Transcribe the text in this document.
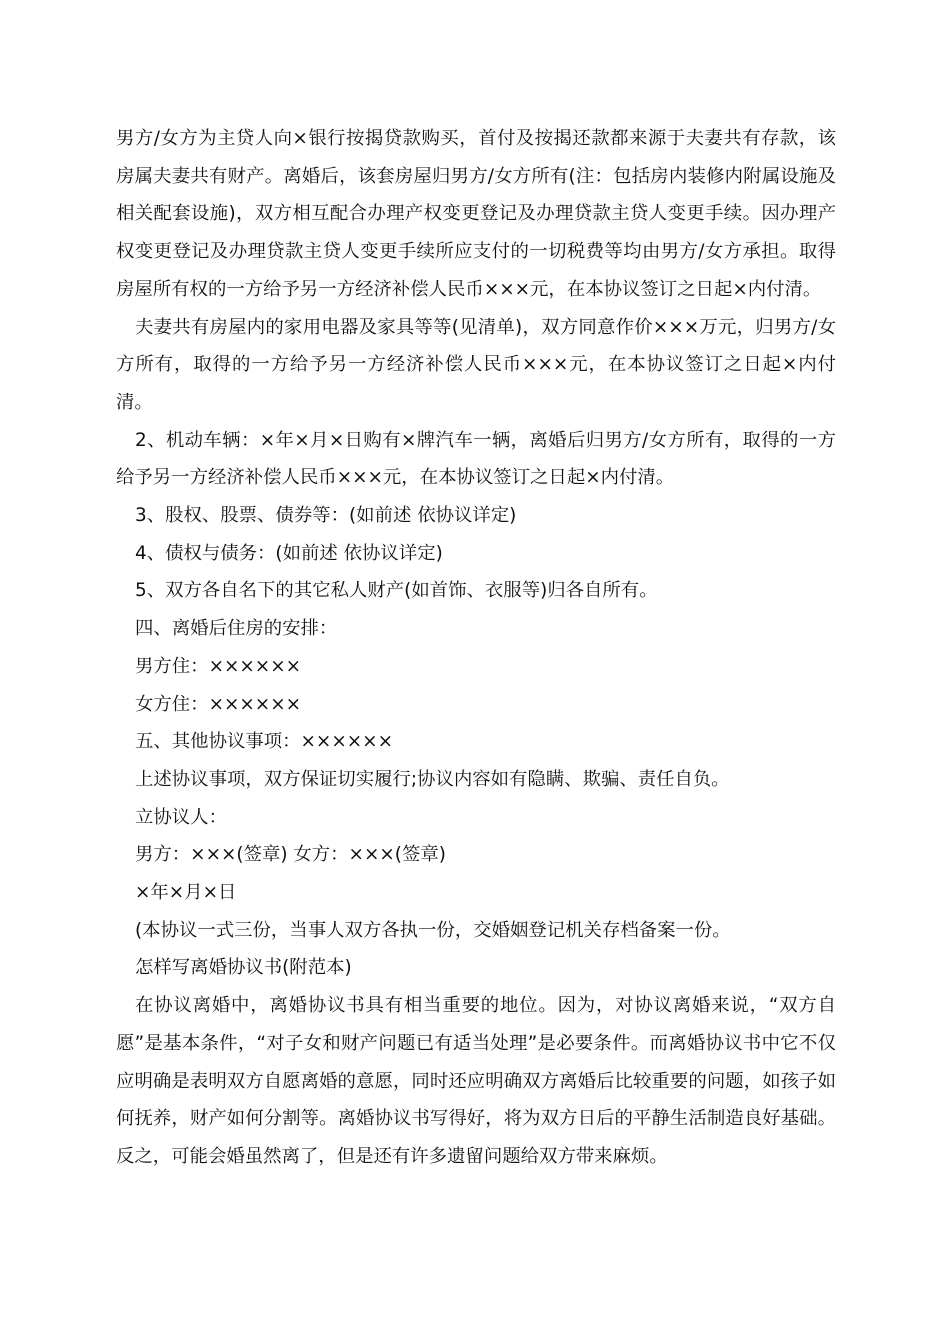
男方/女方为主贷人向×银行按揭贷款购买，首付及按揭还款都来源于夫妻共有存款，该房属夫妻共有财产。离婚后，该套房屋归男方/女方所有(注：包括房内装修内附属设施及相关配套设施)，双方相互配合办理产权变更登记及办理贷款主贷人变更手续。因办理产权变更登记及办理贷款主贷人变更手续所应支付的一切税费等均由男方/女方承担。取得房屋所有权的一方给予另一方经济补偿人民币×××元，在本协议签订之日起×内付清。

夫妻共有房屋内的家用电器及家具等等(见清单)，双方同意作价×××万元，归男方/女方所有，取得的一方给予另一方经济补偿人民币×××元，在本协议签订之日起×内付清。

2、机动车辆：×年×月×日购有×牌汽车一辆，离婚后归男方/女方所有，取得的一方给予另一方经济补偿人民币×××元，在本协议签订之日起×内付清。

3、股权、股票、债券等：(如前述 依协议详定)

4、债权与债务：(如前述 依协议详定)

5、双方各自名下的其它私人财产(如首饰、衣服等)归各自所有。

四、离婚后住房的安排：

男方住：××××××

女方住：××××××

五、其他协议事项：××××××

上述协议事项，双方保证切实履行;协议内容如有隐瞒、欺骗、责任自负。

立协议人：

男方：×××(签章) 女方：×××(签章)

×年×月×日

(本协议一式三份，当事人双方各执一份，交婚姻登记机关存档备案一份。

怎样写离婚协议书(附范本)

在协议离婚中，离婚协议书具有相当重要的地位。因为，对协议离婚来说，“双方自愿”是基本条件，“对子女和财产问题已有适当处理”是必要条件。而离婚协议书中它不仅应明确是表明双方自愿离婚的意愿，同时还应明确双方离婚后比较重要的问题，如孩子如何抚养，财产如何分割等。离婚协议书写得好，将为双方日后的平静生活制造良好基础。反之，可能会婚虽然离了，但是还有许多遗留问题给双方带来麻烦。
